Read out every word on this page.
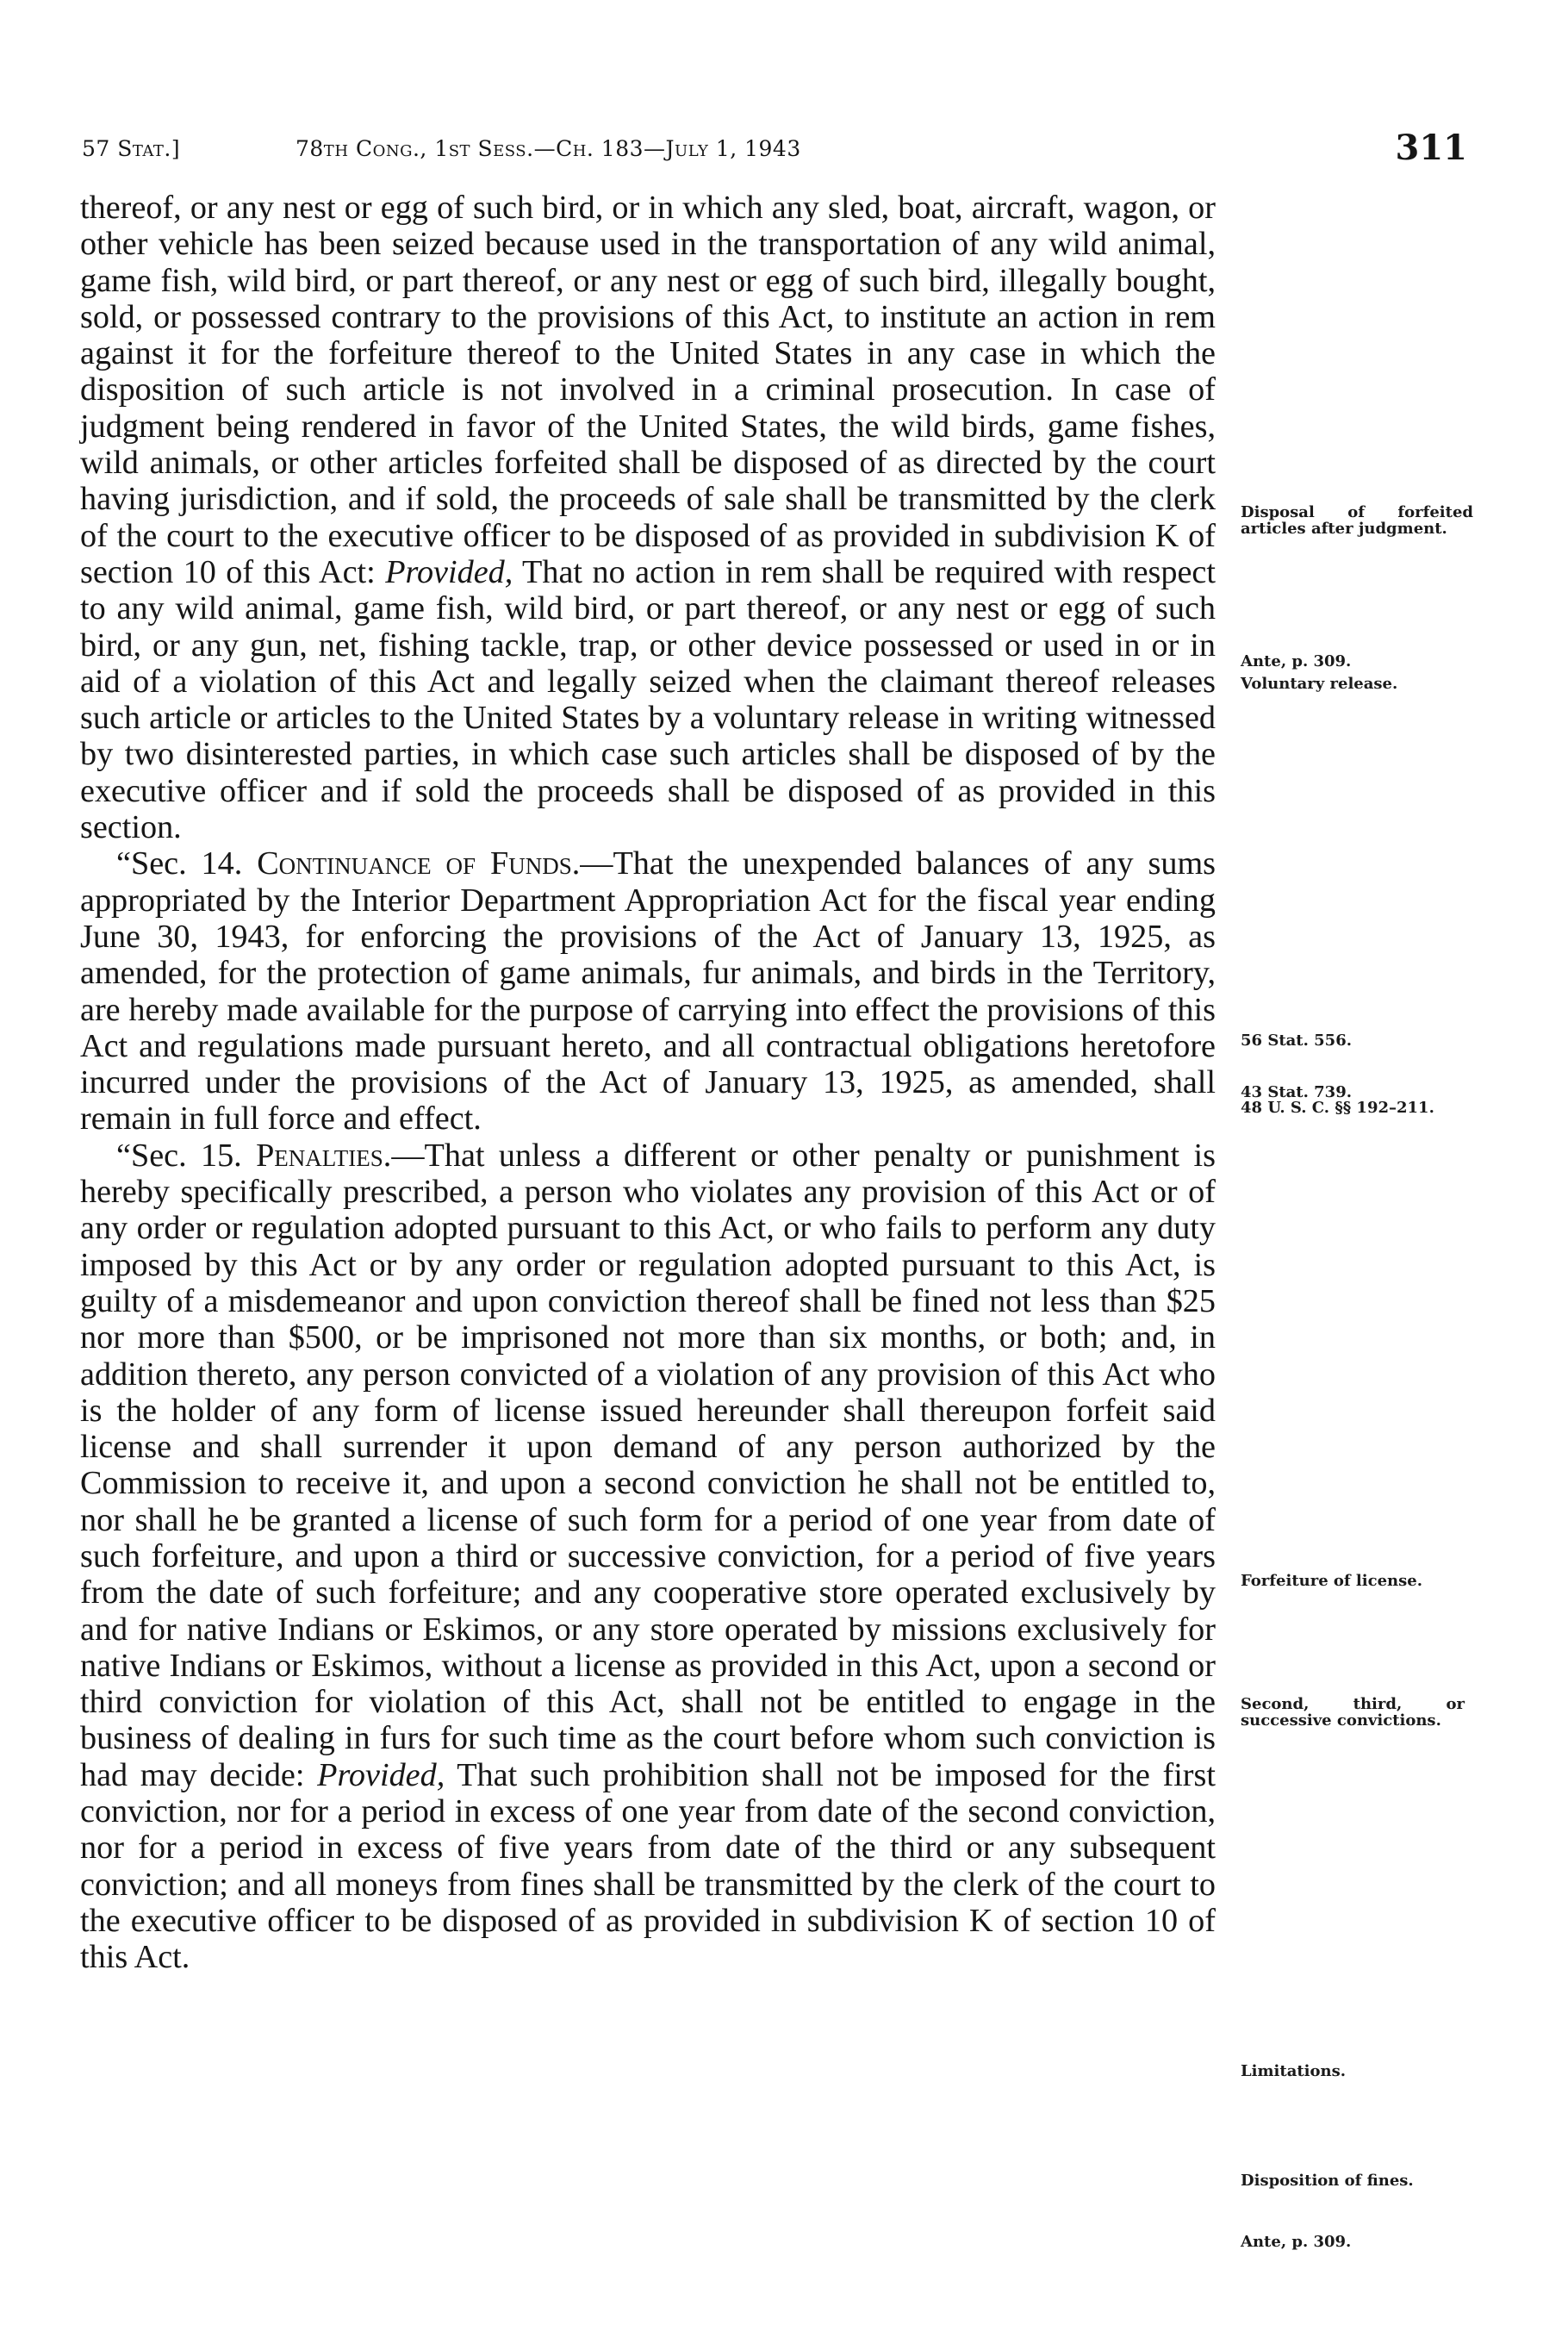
57 Stat.]	78th Cong., 1st Sess.—Ch. 183—July 1, 1943	311

thereof, or any nest or egg of such bird, or in which any sled, boat, aircraft, wagon, or other vehicle has been seized because used in the transportation of any wild animal, game fish, wild bird, or part thereof, or any nest or egg of such bird, illegally bought, sold, or possessed contrary to the provisions of this Act, to institute an action in rem against it for the forfeiture thereof to the United States in any case in which the disposition of such article is not involved in a criminal prosecution. In case of judgment being rendered in favor of the United States, the wild birds, game fishes, wild animals, or other articles forfeited shall be disposed of as directed by the court having jurisdiction, and if sold, the proceeds of sale shall be transmitted by the clerk of the court to the executive officer to be disposed of as provided in subdivision K of section 10 of this Act: Provided, That no action in rem shall be required with respect to any wild animal, game fish, wild bird, or part thereof, or any nest or egg of such bird, or any gun, net, fishing tackle, trap, or other device possessed or used in or in aid of a violation of this Act and legally seized when the claimant thereof releases such article or articles to the United States by a voluntary release in writing witnessed by two disinterested parties, in which case such articles shall be disposed of by the executive officer and if sold the proceeds shall be disposed of as provided in this section.

“Sec. 14. Continuance of Funds.—That the unexpended balances of any sums appropriated by the Interior Department Appropriation Act for the fiscal year ending June 30, 1943, for enforcing the provisions of the Act of January 13, 1925, as amended, for the protection of game animals, fur animals, and birds in the Territory, are hereby made available for the purpose of carrying into effect the provisions of this Act and regulations made pursuant hereto, and all contractual obligations heretofore incurred under the provisions of the Act of January 13, 1925, as amended, shall remain in full force and effect.

“Sec. 15. Penalties.—That unless a different or other penalty or punishment is hereby specifically prescribed, a person who violates any provision of this Act or of any order or regulation adopted pursuant to this Act, or who fails to perform any duty imposed by this Act or by any order or regulation adopted pursuant to this Act, is guilty of a misdemeanor and upon conviction thereof shall be fined not less than $25 nor more than $500, or be imprisoned not more than six months, or both; and, in addition thereto, any person convicted of a violation of any provision of this Act who is the holder of any form of license issued hereunder shall thereupon forfeit said license and shall surrender it upon demand of any person authorized by the Commission to receive it, and upon a second conviction he shall not be entitled to, nor shall he be granted a license of such form for a period of one year from date of such forfeiture, and upon a third or successive conviction, for a period of five years from the date of such forfeiture; and any cooperative store operated exclusively by and for native Indians or Eskimos, or any store operated by missions exclusively for native Indians or Eskimos, without a license as provided in this Act, upon a second or third conviction for violation of this Act, shall not be entitled to engage in the business of dealing in furs for such time as the court before whom such conviction is had may decide: Provided, That such prohibition shall not be imposed for the first conviction, nor for a period in excess of one year from date of the second conviction, nor for a period in excess of five years from date of the third or any subsequent conviction; and all moneys from fines shall be transmitted by the clerk of the court to the executive officer to be disposed of as provided in subdivision K of section 10 of this Act.

Disposal of forfeited articles after judgment.
Ante, p. 309.
Voluntary release.
56 Stat. 556.
43 Stat. 739.
48 U. S. C. §§ 192–211.
Forfeiture of license.
Second, third, or successive convictions.
Limitations.
Disposition of fines.
Ante, p. 309.
